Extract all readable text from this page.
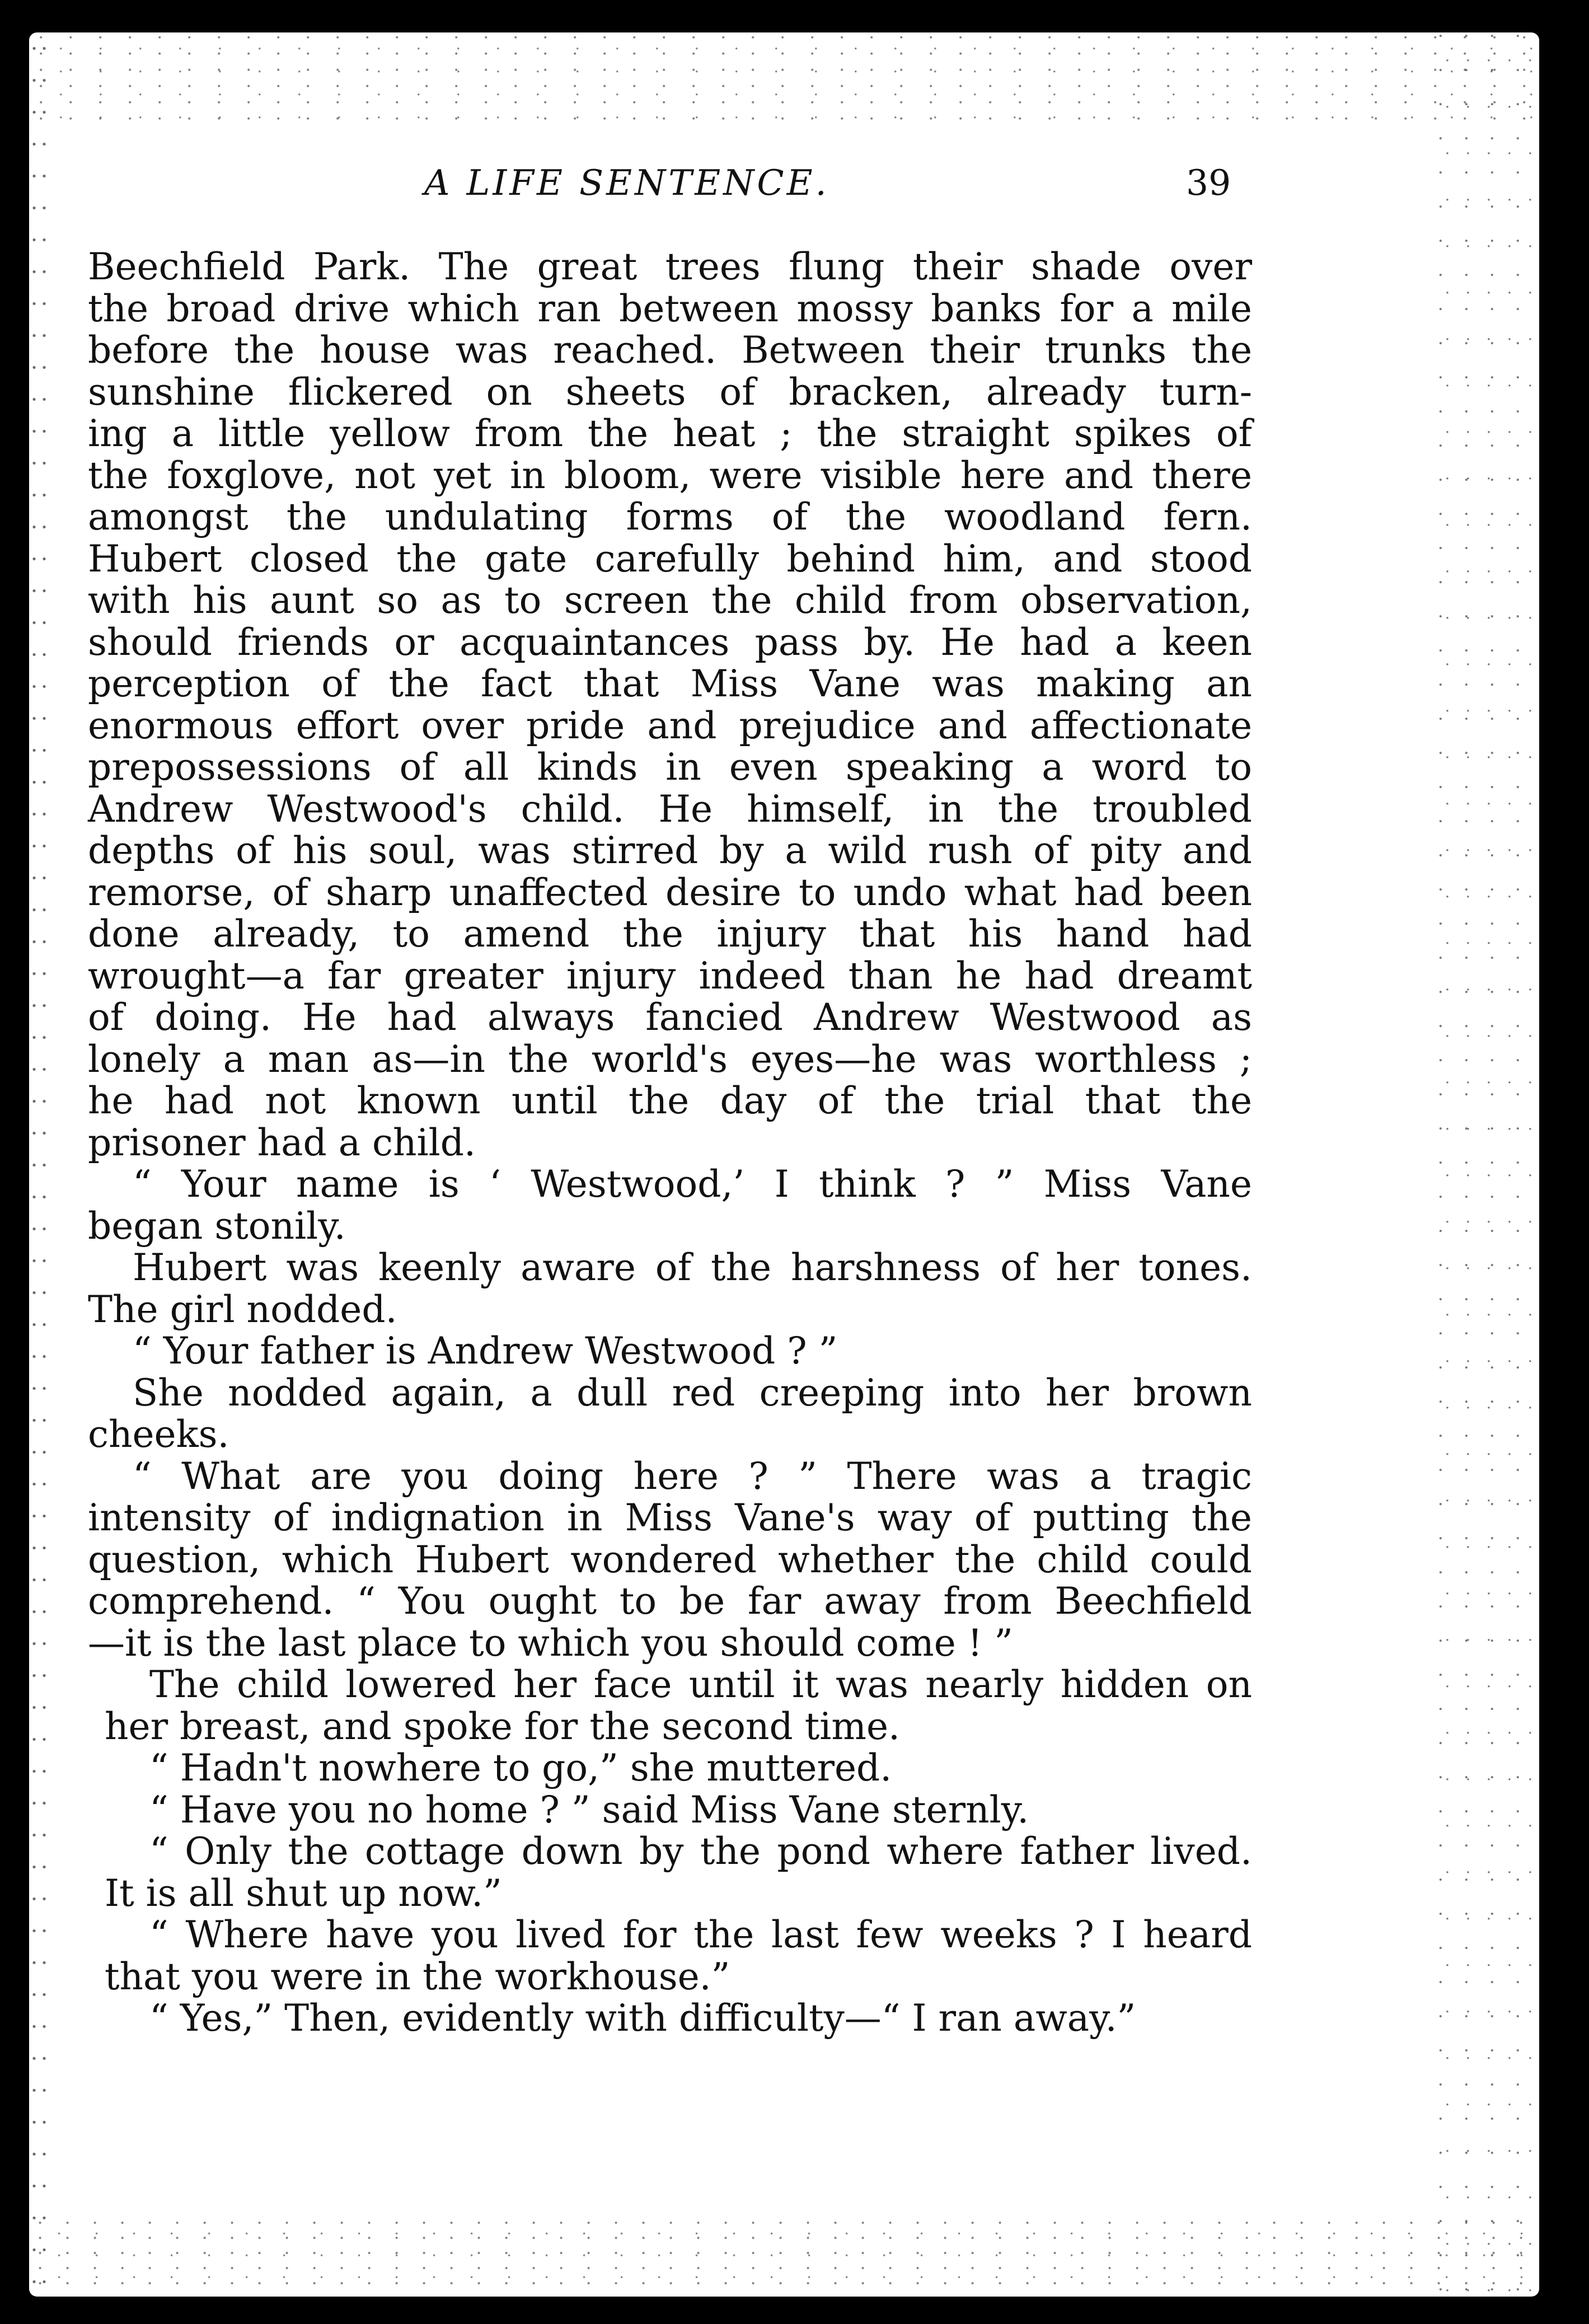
A LIFE SENTENCE.	39
Beechfield Park. The great trees flung their shade over
the broad drive which ran between mossy banks for a mile
before the house was reached. Between their trunks the
sunshine flickered on sheets of bracken, already turn-
ing a little yellow from the heat ; the straight spikes of
the foxglove, not yet in bloom, were visible here and there
amongst the undulating forms of the woodland fern.
Hubert closed the gate carefully behind him, and stood
with his aunt so as to screen the child from observation,
should friends or acquaintances pass by. He had a keen
perception of the fact that Miss Vane was making an
enormous effort over pride and prejudice and affectionate
prepossessions of all kinds in even speaking a word to
Andrew Westwood's child. He himself, in the troubled
depths of his soul, was stirred by a wild rush of pity and
remorse, of sharp unaffected desire to undo what had been
done already, to amend the injury that his hand had
wrought—a far greater injury indeed than he had dreamt
of doing. He had always fancied Andrew Westwood as
lonely a man as—in the world's eyes—he was worthless ;
he had not known until the day of the trial that the
prisoner had a child.
“ Your name is ‘ Westwood,’ I think ? ” Miss Vane
began stonily.
Hubert was keenly aware of the harshness of her tones.
The girl nodded.
“ Your father is Andrew Westwood ? ”
She nodded again, a dull red creeping into her brown
cheeks.
“ What are you doing here ? ” There was a tragic
intensity of indignation in Miss Vane's way of putting the
question, which Hubert wondered whether the child could
comprehend. “ You ought to be far away from Beechfield
—it is the last place to which you should come ! ”
The child lowered her face until it was nearly hidden on
her breast, and spoke for the second time.
“ Hadn't nowhere to go,” she muttered.
“ Have you no home ? ” said Miss Vane sternly.
“ Only the cottage down by the pond where father lived.
It is all shut up now.”
“ Where have you lived for the last few weeks ? I heard
that you were in the workhouse.”
“ Yes,” Then, evidently with difficulty—“ I ran away.”
